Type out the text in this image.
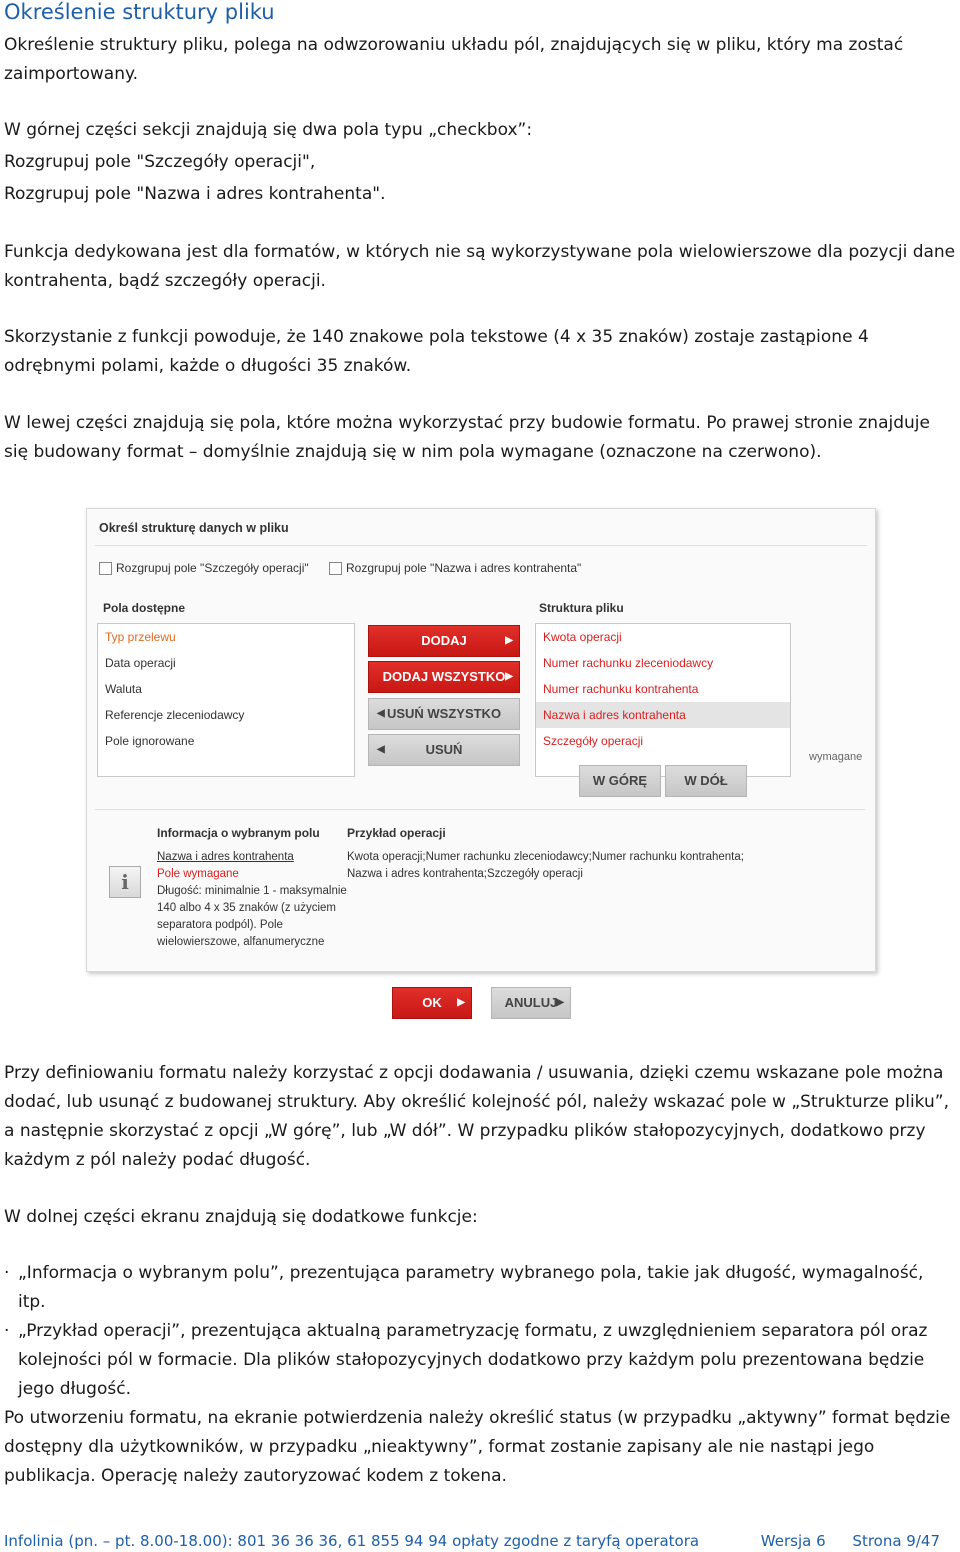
Określenie struktury pliku

Określenie struktury pliku, polega na odwzorowaniu układu pól, znajdujących się w pliku, który ma zostać zaimportowany.

W górnej części sekcji znajdują się dwa pola typu „checkbox”:

Rozgrupuj pole "Szczegóły operacji",

Rozgrupuj pole "Nazwa i adres kontrahenta".

Funkcja dedykowana jest dla formatów, w których nie są wykorzystywane pola wielowierszowe dla pozycji dane kontrahenta, bądź szczegóły operacji.

Skorzystanie z funkcji powoduje, że 140 znakowe pola tekstowe (4 x 35 znaków) zostaje zastąpione 4 odrębnymi polami, każde o długości 35 znaków.

W lewej części znajdują się pola, które można wykorzystać przy budowie formatu. Po prawej stronie znajduje się budowany format – domyślnie znajdują się w nim pola wymagane (oznaczone na czerwono).

Określ strukturę danych w pliku
Rozgrupuj pole "Szczegóły operacji"	Rozgrupuj pole "Nazwa i adres kontrahenta"
Pola dostępne
Typ przelewu
Data operacji
Waluta
Referencje zleceniodawcy
Pole ignorowane
DODAJ	▶
DODAJ WSZYSTKO ▶
◀ USUŃ WSZYSTKO
◀	USUŃ
Struktura pliku
Kwota operacji
Numer rachunku zleceniodawcy
Numer rachunku kontrahenta
Nazwa i adres kontrahenta
Szczegóły operacji
wymagane
W GÓRĘ	W DÓŁ
i
Informacja o wybranym polu
Nazwa i adres kontrahenta
Pole wymagane
Długość: minimalnie 1 - maksymalnie
140 albo 4 x 35 znaków (z użyciem
separatora podpól). Pole
wielowierszowe, alfanumeryczne
Przykład operacji
Kwota operacji;Numer rachunku zleceniodawcy;Numer rachunku kontrahenta;
Nazwa i adres kontrahenta;Szczegóły operacji
OK ▶	ANULUJ
▶

Przy definiowaniu formatu należy korzystać z opcji dodawania / usuwania, dzięki czemu wskazane pole można dodać, lub usunąć z budowanej struktury. Aby określić kolejność pól, należy wskazać pole w „Strukturze pliku”, a następnie skorzystać z opcji „W górę”, lub „W dół”. W przypadku plików stałopozycyjnych, dodatkowo przy każdym z pól należy podać długość.

W dolnej części ekranu znajdują się dodatkowe funkcje:

· „Informacja o wybranym polu”, prezentująca parametry wybranego pola, takie jak długość, wymagalność, itp.
· „Przykład operacji”, prezentująca aktualną parametryzację formatu, z uwzględnieniem separatora pól oraz kolejności pól w formacie. Dla plików stałopozycyjnych dodatkowo przy każdym polu prezentowana będzie jego długość.

Po utworzeniu formatu, na ekranie potwierdzenia należy określić status (w przypadku „aktywny” format będzie dostępny dla użytkowników, w przypadku „nieaktywny”, format zostanie zapisany ale nie nastąpi jego publikacja. Operację należy zautoryzować kodem z tokena.

Infolinia (pn. – pt. 8.00-18.00): 801 36 36 36, 61 855 94 94 opłaty zgodne z taryfą operatora	Wersja 6 Strona 9/47
